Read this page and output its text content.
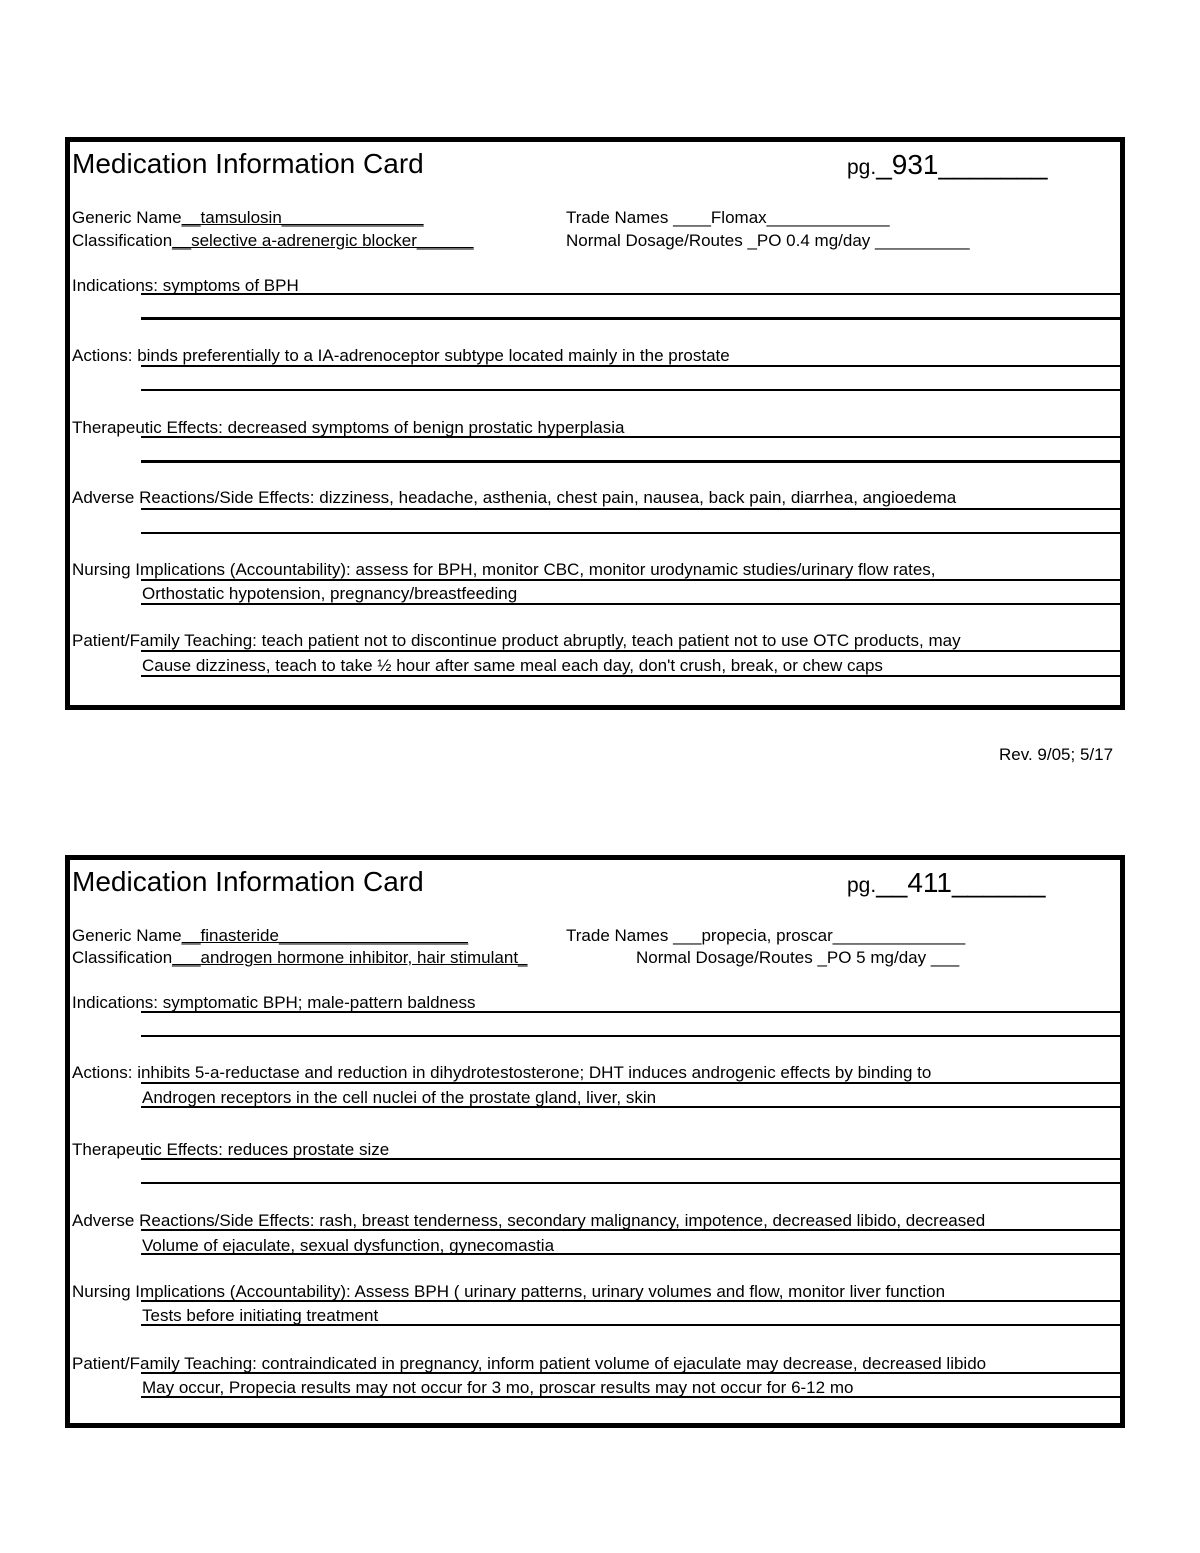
Medication Information Card	pg._931_______
Generic Name__tamsulosin_______________	Trade Names ____Flomax_____________
Classification__selective a-adrenergic blocker______	Normal Dosage/Routes _PO 0.4 mg/day __________
Indications: symptoms of BPH
Actions: binds preferentially to a IA-adrenoceptor subtype located mainly in the prostate
Therapeutic Effects: decreased symptoms of benign prostatic hyperplasia
Adverse Reactions/Side Effects: dizziness, headache, asthenia, chest pain, nausea, back pain, diarrhea, angioedema
Nursing Implications (Accountability): assess for BPH, monitor CBC, monitor urodynamic studies/urinary flow rates,
Orthostatic hypotension, pregnancy/breastfeeding
Patient/Family Teaching: teach patient not to discontinue product abruptly, teach patient not to use OTC products, may
Cause dizziness, teach to take ½ hour after same meal each day, don't crush, break, or chew caps
Rev. 9/05; 5/17
Medication Information Card	pg.__411______
Generic Name__finasteride____________________	Trade Names ___propecia, proscar______________
Classification___androgen hormone inhibitor, hair stimulant_	Normal Dosage/Routes _PO 5 mg/day ___
Indications: symptomatic BPH; male-pattern baldness
Actions: inhibits 5-a-reductase and reduction in dihydrotestosterone; DHT induces androgenic effects by binding to
Androgen receptors in the cell nuclei of the prostate gland, liver, skin
Therapeutic Effects: reduces prostate size
Adverse Reactions/Side Effects: rash, breast tenderness, secondary malignancy, impotence, decreased libido, decreased
Volume of ejaculate, sexual dysfunction, gynecomastia
Nursing Implications (Accountability): Assess BPH ( urinary patterns, urinary volumes and flow, monitor liver function
Tests before initiating treatment
Patient/Family Teaching: contraindicated in pregnancy, inform patient volume of ejaculate may decrease, decreased libido
May occur, Propecia results may not occur for 3 mo, proscar results may not occur for 6-12 mo
